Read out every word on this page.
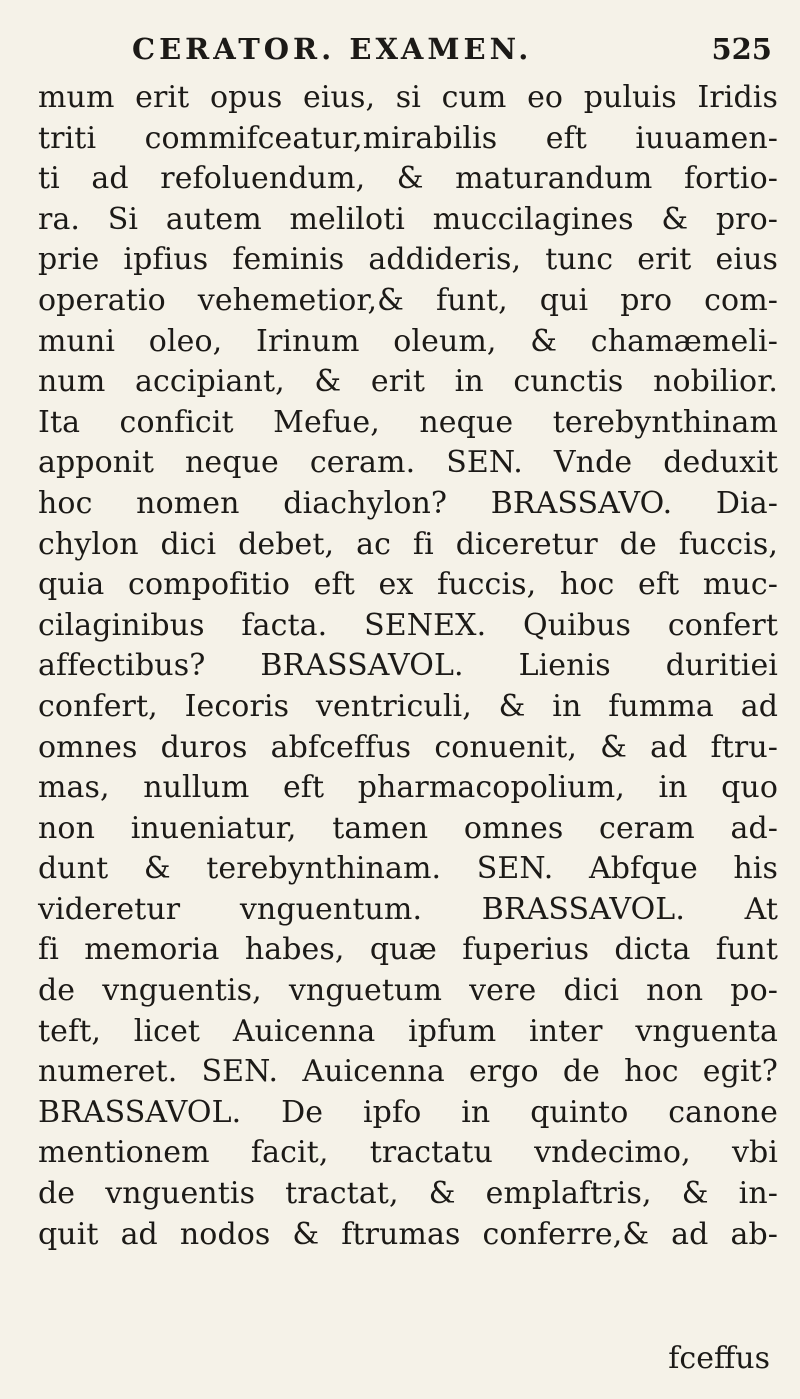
CERATOR. EXAMEN.	525
mum erit opus eius, si cum eo puluis Iridis
triti commifceatur,mirabilis eft iuuamen-
ti ad refoluendum, & maturandum fortio-
ra. Si autem meliloti muccilagines & pro-
prie ipfius feminis addideris, tunc erit eius
operatio vehemetior,& funt, qui pro com-
muni oleo, Irinum oleum, & chamæmeli-
num accipiant, & erit in cunctis nobilior.
Ita conficit Mefue, neque terebynthinam
apponit neque ceram. SEN. Vnde deduxit
hoc nomen diachylon? BRASSAVO. Dia-
chylon dici debet, ac fi diceretur de fuccis,
quia compofitio eft ex fuccis, hoc eft muc-
cilaginibus facta. SENEX. Quibus confert
affectibus? BRASSAVOL. Lienis duritiei
confert, Iecoris ventriculi, & in fumma ad
omnes duros abfceffus conuenit, & ad ftru-
mas, nullum eft pharmacopolium, in quo
non inueniatur, tamen omnes ceram ad-
dunt & terebynthinam. SEN. Abfque his
videretur vnguentum. BRASSAVOL. At
fi memoria habes, quæ fuperius dicta funt
de vnguentis, vnguetum vere dici non po-
teft, licet Auicenna ipfum inter vnguenta
numeret. SEN. Auicenna ergo de hoc egit?
BRASSAVOL. De ipfo in quinto canone
mentionem facit, tractatu vndecimo, vbi
de vnguentis tractat, & emplaftris, & in-
quit ad nodos & ftrumas conferre,& ad ab-
fceffus
